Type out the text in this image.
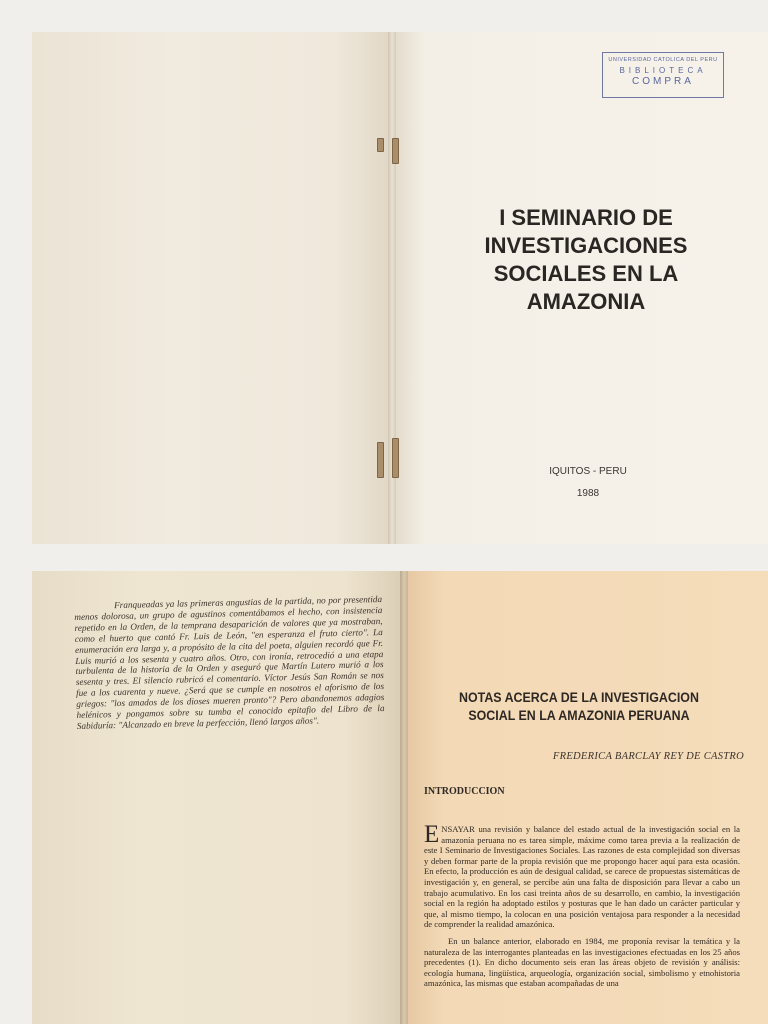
UNIVERSIDAD CATOLICA DEL PERU
BIBLIOTECA
COMPRA
I SEMINARIO DE
INVESTIGACIONES
SOCIALES EN LA
AMAZONIA
IQUITOS - PERU
1988

Franqueadas ya las primeras angustias de la partida, no por presentida menos dolorosa, un grupo de agustinos comentábamos el hecho, con insistencia repetido en la Orden, de la temprana desaparición de valores que ya mostraban, como el huerto que cantó Fr. Luis de León, "en esperanza el fruto cierto". La enumeración era larga y, a propósito de la cita del poeta, alguien recordó que Fr. Luis murió a los sesenta y cuatro años. Otro, con ironía, retrocedió a una etapa turbulenta de la historia de la Orden y aseguró que Martín Lutero murió a los sesenta y tres. El silencio rubricó el comentario. Víctor Jesús San Román se nos fue a los cuarenta y nueve. ¿Será que se cumple en nosotros el aforismo de los griegos: "los amados de los dioses mueren pronto"? Pero abandonemos adagios helénicos y pongamos sobre su tumba el conocido epitafio del Libro de la Sabiduría: "Alcanzado en breve la perfección, llenó largos años".

NOTAS ACERCA DE LA INVESTIGACION
SOCIAL EN LA AMAZONIA PERUANA
FREDERICA BARCLAY REY DE CASTRO
INTRODUCCION

ENSAYAR una revisión y balance del estado actual de la investigación social en la amazonía peruana no es tarea simple, máxime como tarea previa a la realización de este I Seminario de Investigaciones Sociales. Las razones de esta complejidad son diversas y deben formar parte de la propia revisión que me propongo hacer aquí para esta ocasión. En efecto, la producción es aún de desigual calidad, se carece de propuestas sistemáticas de investigación y, en general, se percibe aún una falta de disposición para llevar a cabo un trabajo acumulativo. En los casi treinta años de su desarrollo, en cambio, la investigación social en la región ha adoptado estilos y posturas que le han dado un carácter particular y que, al mismo tiempo, la colocan en una posición ventajosa para responder a la necesidad de comprender la realidad amazónica.

En un balance anterior, elaborado en 1984, me proponía revisar la temática y la naturaleza de las interrogantes planteadas en las investigaciones efectuadas en los 25 años precedentes (1). En dicho documento seis eran las áreas objeto de revisión y análisis: ecología humana, lingüística, arqueología, organización social, simbolismo y etnohistoria amazónica, las mismas que estaban acompañadas de una
